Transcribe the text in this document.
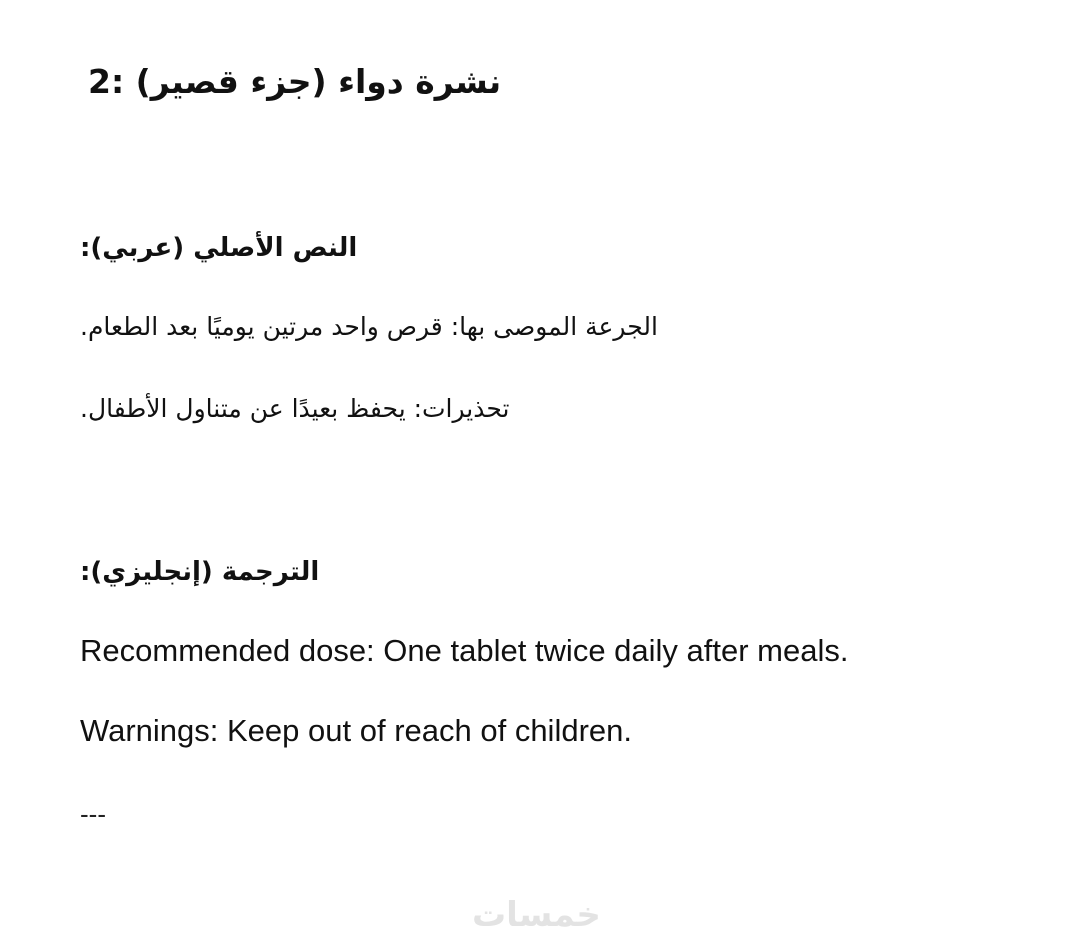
نشرة دواء (جزء قصير) :2
النص الأصلي (عربي):
الجرعة الموصى بها: قرص واحد مرتين يوميًا بعد الطعام.
تحذيرات: يحفظ بعيدًا عن متناول الأطفال.
الترجمة (إنجليزي):
Recommended dose: One tablet twice daily after meals.
Warnings: Keep out of reach of children.
---
خمسات
